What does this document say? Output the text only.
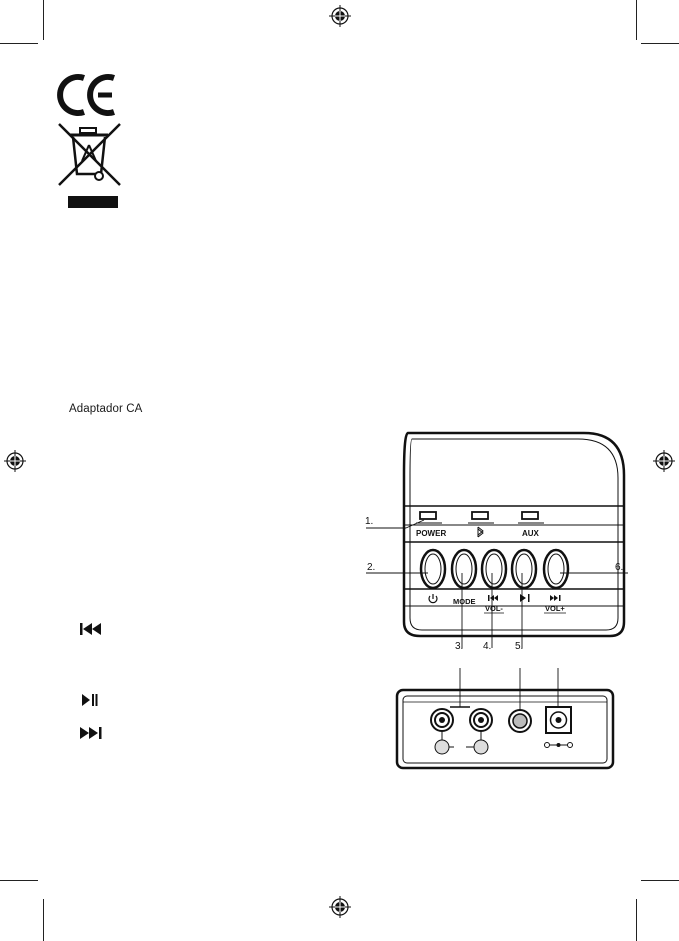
Adaptador CA
POWER	AUX
MODE
VOL-	VOL+
1.
2.
3. 4. 5.
6.
